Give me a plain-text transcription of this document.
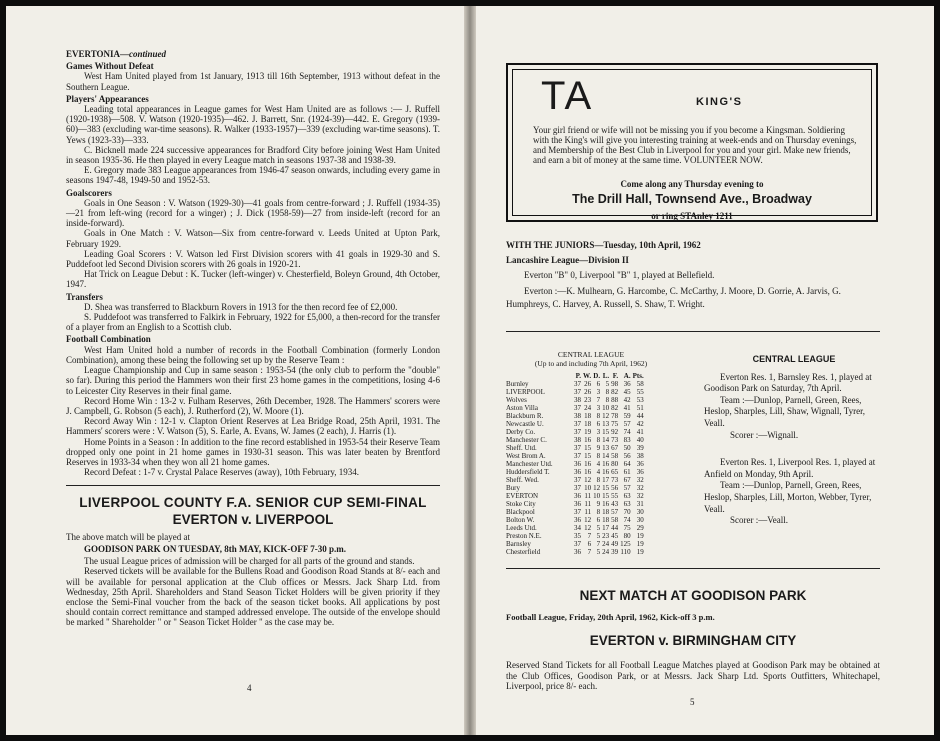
EVERTONIA—continued
Games Without Defeat

West Ham United played from 1st January, 1913 till 16th September, 1913 without defeat in the Southern League.

Players' Appearances

Leading total appearances in League games for West Ham United are as follows :— J. Ruffell (1920-1938)—508. V. Watson (1920-1935)—462. J. Barrett, Snr. (1924-39)—442. E. Gregory (1939-60)—383 (excluding war-time seasons). R. Walker (1933-1957)—339 (excluding war-time seasons). T. Yews (1923-33)—333.

C. Bicknell made 224 successive appearances for Bradford City before joining West Ham United in season 1935-36. He then played in every League match in seasons 1937-38 and 1938-39.

E. Gregory made 383 League appearances from 1946-47 season onwards, including every game in seasons 1947-48, 1949-50 and 1952-53.

Goalscorers

Goals in One Season : V. Watson (1929-30)—41 goals from centre-forward ; J. Ruffell (1934-35)—21 from left-wing (record for a winger) ; J. Dick (1958-59)—27 from inside-left (record for an inside-forward).

Goals in One Match : V. Watson—Six from centre-forward v. Leeds United at Upton Park, February 1929.

Leading Goal Scorers : V. Watson led First Division scorers with 41 goals in 1929-30 and S. Puddefoot led Second Division scorers with 26 goals in 1920-21.

Hat Trick on League Debut : K. Tucker (left-winger) v. Chesterfield, Boleyn Ground, 4th October, 1947.

Transfers

D. Shea was transferred to Blackburn Rovers in 1913 for the then record fee of £2,000.

S. Puddefoot was transferred to Falkirk in February, 1922 for £5,000, a then-record for the transfer of a player from an English to a Scottish club.

Football Combination

West Ham United hold a number of records in the Football Combination (formerly London Combination), among these being the following set up by the Reserve Team :

League Championship and Cup in same season : 1953-54 (the only club to perform the "double" so far). During this period the Hammers won their first 23 home games in the competitions, losing 4-6 to Leicester City Reserves in their final game.

Record Home Win : 13-2 v. Fulham Reserves, 26th December, 1928. The Hammers' scorers were J. Campbell, G. Robson (5 each), J. Rutherford (2), W. Moore (1).

Record Away Win : 12-1 v. Clapton Orient Reserves at Lea Bridge Road, 25th April, 1931. The Hammers' scorers were : V. Watson (5), S. Earle, A. Evans, W. James (2 each), J. Harris (1).

Home Points in a Season : In addition to the fine record established in 1953-54 their Reserve Team dropped only one point in 21 home games in 1930-31 season. This was later beaten by Brentford Reserves in 1933-34 when they won all 21 home games.

Record Defeat : 1-7 v. Crystal Palace Reserves (away), 10th February, 1934.

LIVERPOOL COUNTY F.A. SENIOR CUP SEMI-FINAL
EVERTON v. LIVERPOOL

The above match will be played at

GOODISON PARK ON TUESDAY, 8th MAY, KICK-OFF 7-30 p.m.

The usual League prices of admission will be charged for all parts of the ground and stands.

Reserved tickets will be available for the Bullens Road and Goodison Road Stands at 8/- each and will be available for personal application at the Club offices or Messrs. Jack Sharp Ltd. from Wednesday, 25th April. Shareholders and Stand Season Ticket Holders will be given priority if they enclose the Semi-Final voucher from the back of the season ticket books. All applications by post should contain correct remittance and stamped addressed envelope. The outside of the envelope should be marked " Shareholder " or " Season Ticket Holder " as the case may be.

4
TA	KING'S
Your girl friend or wife will not be missing you if you become a Kingsman. Soldiering with the King's will give you interesting training at week-ends and on Thursday evenings, and Membership of the Best Club in Liverpool for you and your girl. Make new friends, and earn a bit of money at the same time. VOLUNTEER NOW.
Come along any Thursday evening to
The Drill Hall, Townsend Ave., Broadway
or ring STAnley 1211
WITH THE JUNIORS—Tuesday, 10th April, 1962
Lancashire League—Division II
Everton "B" 0, Liverpool "B" 1, played at Bellefield.
Everton :—K. Mulhearn, G. Harcombe, C. McCarthy, J. Moore, D. Gorrie, A. Jarvis, G. Humphreys, C. Harvey, A. Russell, S. Shaw, T. Wright.
CENTRAL LEAGUE
(Up to and including 7th April, 1962)
	P.	W.	D.	L.	F.	A.	Pts.
Burnley	37	26	6	5	98	36	58
LIVERPOOL	37	26	3	8	82	45	55
Wolves	38	23	7	8	88	42	53
Aston Villa	37	24	3	10	82	41	51
Blackburn R.	38	18	8	12	78	59	44
Newcastle U.	37	18	6	13	75	57	42
Derby Co.	37	19	3	15	92	74	41
Manchester C.	38	16	8	14	73	83	40
Sheff. Utd.	37	15	9	13	67	50	39
West Brom A.	37	15	8	14	58	56	38
Manchester Utd.	36	16	4	16	80	64	36
Huddersfield T.	36	16	4	16	65	61	36
Sheff. Wed.	37	12	8	17	73	67	32
Bury	37	10	12	15	56	57	32
EVERTON	36	11	10	15	55	63	32
Stoke City	36	11	9	16	43	63	31
Blackpool	37	11	8	18	57	70	30
Bolton W.	36	12	6	18	58	74	30
Leeds Utd.	34	12	5	17	44	75	29
Preston N.E.	35	7	5	23	45	80	19
Barnsley	37	6	7	24	49	125	19
Chesterfield	36	7	5	24	39	110	19
CENTRAL LEAGUE
Everton Res. 1, Barnsley Res. 1, played at Goodison Park on Saturday, 7th April.
Team :—Dunlop, Parnell, Green, Rees, Heslop, Sharples, Lill, Shaw, Wignall, Tyrer, Veall.
Scorer :—Wignall.
Everton Res. 1, Liverpool Res. 1, played at Anfield on Monday, 9th April.
Team :—Dunlop, Parnell, Green, Rees, Heslop, Sharples, Lill, Morton, Webber, Tyrer, Veall.
Scorer :—Veall.
NEXT MATCH AT GOODISON PARK
Football League, Friday, 20th April, 1962, Kick-off 3 p.m.
EVERTON v. BIRMINGHAM CITY
Reserved Stand Tickets for all Football League Matches played at Goodison Park may be obtained at the Club Offices, Goodison Park, or at Messrs. Jack Sharp Ltd. Sports Outfitters, Whitechapel, Liverpool, price 8/- each.
5
